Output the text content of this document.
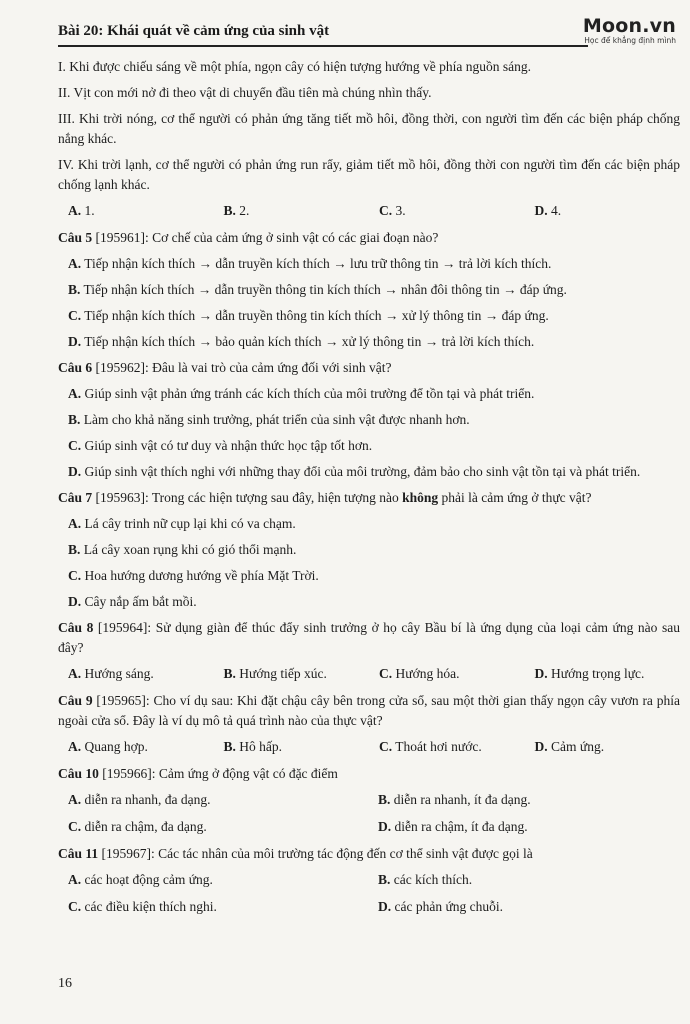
Bài 20: Khái quát về cảm ứng của sinh vật	Moon.vn
Học để khẳng định mình

I. Khi được chiếu sáng về một phía, ngọn cây có hiện tượng hướng về phía nguồn sáng.

II. Vịt con mới nở đi theo vật di chuyển đầu tiên mà chúng nhìn thấy.

III. Khi trời nóng, cơ thể người có phản ứng tăng tiết mồ hôi, đồng thời, con người tìm đến các biện pháp chống nắng khác.

IV. Khi trời lạnh, cơ thể người có phản ứng run rẩy, giảm tiết mồ hôi, đồng thời con người tìm đến các biện pháp chống lạnh khác.

A. 1.	B. 2.	C. 3.	D. 4.

Câu 5 [195961]: Cơ chế của cảm ứng ở sinh vật có các giai đoạn nào?

A. Tiếp nhận kích thích → dẫn truyền kích thích → lưu trữ thông tin → trả lời kích thích.

B. Tiếp nhận kích thích → dẫn truyền thông tin kích thích → nhân đôi thông tin → đáp ứng.

C. Tiếp nhận kích thích → dẫn truyền thông tin kích thích → xử lý thông tin → đáp ứng.

D. Tiếp nhận kích thích → bảo quản kích thích → xử lý thông tin → trả lời kích thích.

Câu 6 [195962]: Đâu là vai trò của cảm ứng đối với sinh vật?

A. Giúp sinh vật phản ứng tránh các kích thích của môi trường để tồn tại và phát triển.

B. Làm cho khả năng sinh trưởng, phát triển của sinh vật được nhanh hơn.

C. Giúp sinh vật có tư duy và nhận thức học tập tốt hơn.

D. Giúp sinh vật thích nghi với những thay đổi của môi trường, đảm bảo cho sinh vật tồn tại và phát triển.

Câu 7 [195963]: Trong các hiện tượng sau đây, hiện tượng nào không phải là cảm ứng ở thực vật?

A. Lá cây trinh nữ cụp lại khi có va chạm.

B. Lá cây xoan rụng khi có gió thổi mạnh.

C. Hoa hướng dương hướng về phía Mặt Trời.

D. Cây nắp ấm bắt mồi.

Câu 8 [195964]: Sử dụng giàn để thúc đẩy sinh trưởng ở họ cây Bầu bí là ứng dụng của loại cảm ứng nào sau đây?

A. Hướng sáng.	B. Hướng tiếp xúc.	C. Hướng hóa.	D. Hướng trọng lực.

Câu 9 [195965]: Cho ví dụ sau: Khi đặt chậu cây bên trong cửa sổ, sau một thời gian thấy ngọn cây vươn ra phía ngoài cửa sổ. Đây là ví dụ mô tả quá trình nào của thực vật?

A. Quang hợp.	B. Hô hấp.	C. Thoát hơi nước.	D. Cảm ứng.

Câu 10 [195966]: Cảm ứng ở động vật có đặc điểm

A. diễn ra nhanh, đa dạng.	B. diễn ra nhanh, ít đa dạng.
C. diễn ra chậm, đa dạng.	D. diễn ra chậm, ít đa dạng.

Câu 11 [195967]: Các tác nhân của môi trường tác động đến cơ thể sinh vật được gọi là

A. các hoạt động cảm ứng.	B. các kích thích.
C. các điều kiện thích nghi.	D. các phản ứng chuỗi.
16
